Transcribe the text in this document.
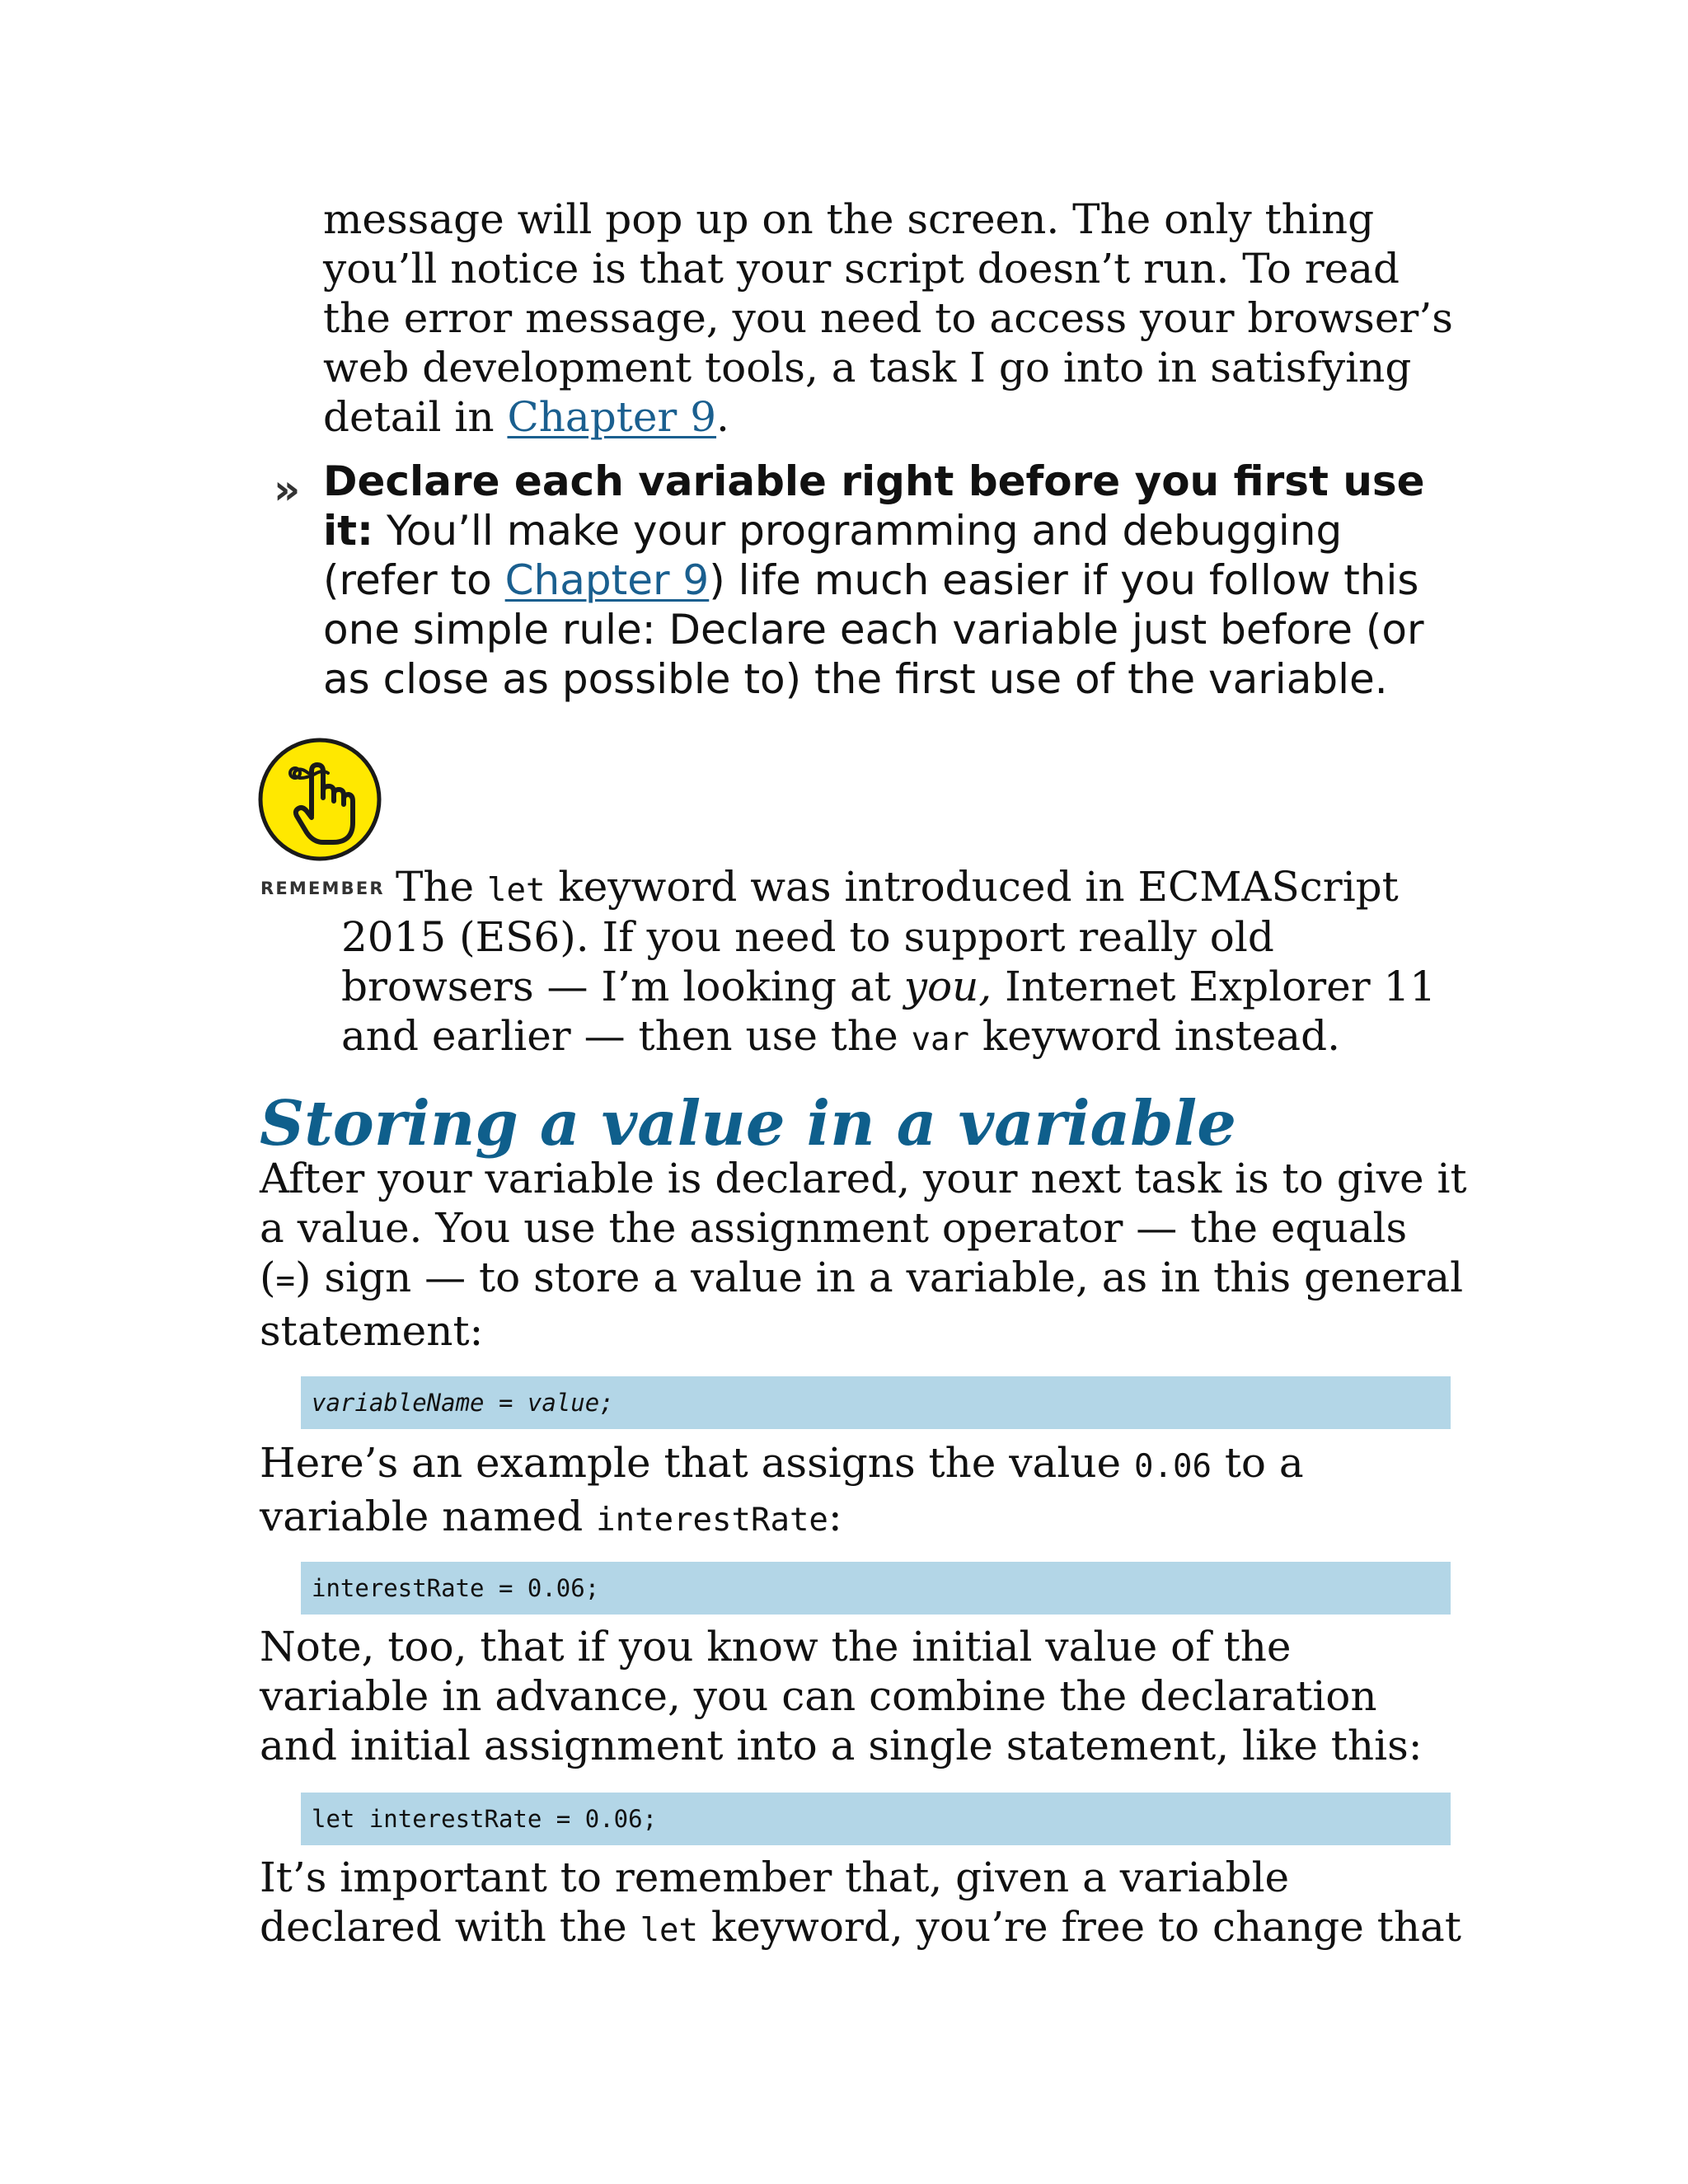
message will pop up on the screen. The only thing
you’ll notice is that your script doesn’t run. To read
the error message, you need to access your browser’s
web development tools, a task I go into in satisfying
detail in Chapter 9.
» Declare each variable right before you first use
it: You’ll make your programming and debugging
(refer to Chapter 9) life much easier if you follow this
one simple rule: Declare each variable just before (or
as close as possible to) the first use of the variable.
REMEMBER The let keyword was introduced in ECMAScript
2015 (ES6). If you need to support really old
browsers — I’m looking at you, Internet Explorer 11
and earlier — then use the var keyword instead.
Storing a value in a variable
After your variable is declared, your next task is to give it
a value. You use the assignment operator — the equals
(=) sign — to store a value in a variable, as in this general
statement:
variableName = value;
Here’s an example that assigns the value 0.06 to a
variable named interestRate:
interestRate = 0.06;
Note, too, that if you know the initial value of the
variable in advance, you can combine the declaration
and initial assignment into a single statement, like this:
let interestRate = 0.06;
It’s important to remember that, given a variable
declared with the let keyword, you’re free to change that
